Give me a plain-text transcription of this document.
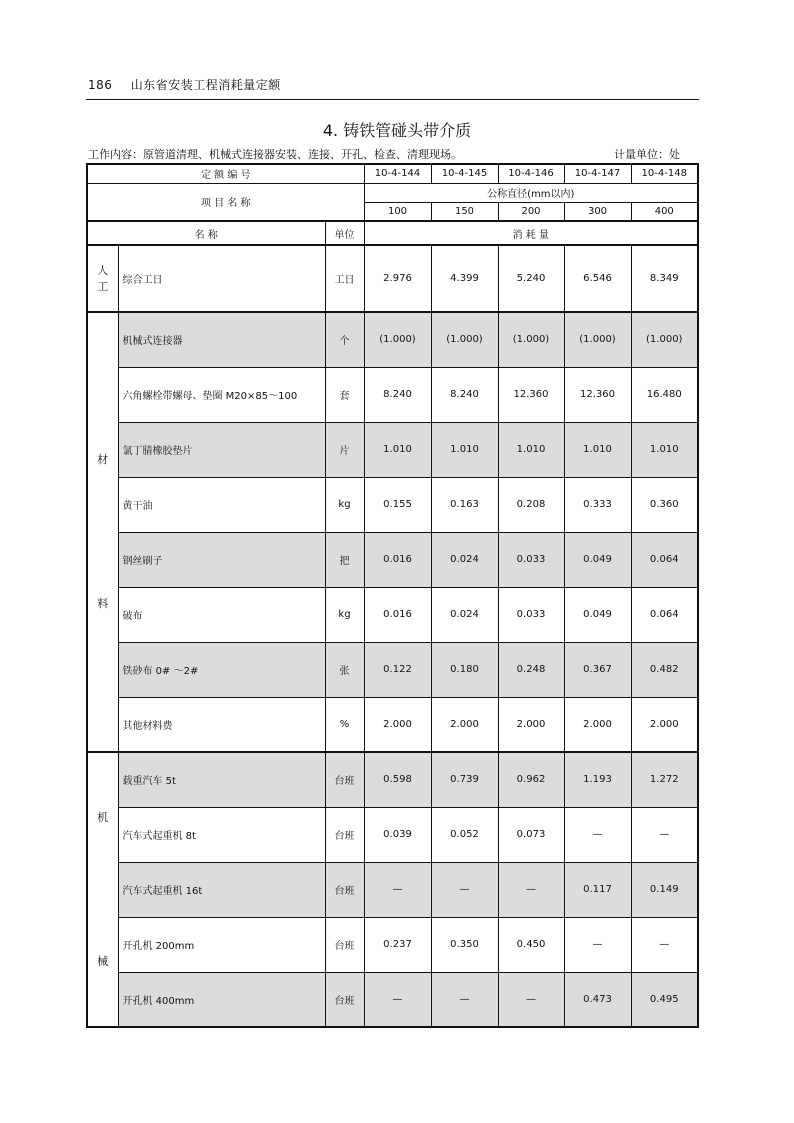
186 山东省安装工程消耗量定额
4. 铸铁管碰头带介质
工作内容：原管道清理、机械式连接器安装、连接、开孔、检查、清理现场。	计量单位：处
定 额 编 号			10-4-144	10-4-145	10-4-146	10-4-147	10-4-148
项 目 名 称			公称直径(mm以内)				
			100	150	200	300	400
名 称		单位	消 耗 量				
人
工	综合工日	工日	2.976	4.399	5.240	6.546	8.349
材

料	机械式连接器	个	(1.000)	(1.000)	(1.000)	(1.000)	(1.000)
	六角螺栓带螺母、垫圈 M20×85～100	套	8.240	8.240	12.360	12.360	16.480
	氯丁腈橡胶垫片	片	1.010	1.010	1.010	1.010	1.010
	黄干油	kg	0.155	0.163	0.208	0.333	0.360
	钢丝刷子	把	0.016	0.024	0.033	0.049	0.064
	破布	kg	0.016	0.024	0.033	0.049	0.064
	铁砂布 0# ～2#	张	0.122	0.180	0.248	0.367	0.482
	其他材料费	%	2.000	2.000	2.000	2.000	2.000
机

械	载重汽车 5t	台班	0.598	0.739	0.962	1.193	1.272
	汽车式起重机 8t	台班	0.039	0.052	0.073	—	—
	汽车式起重机 16t	台班	—	—	—	0.117	0.149
	开孔机 200mm	台班	0.237	0.350	0.450	—	—
	开孔机 400mm	台班	—	—	—	0.473	0.495
